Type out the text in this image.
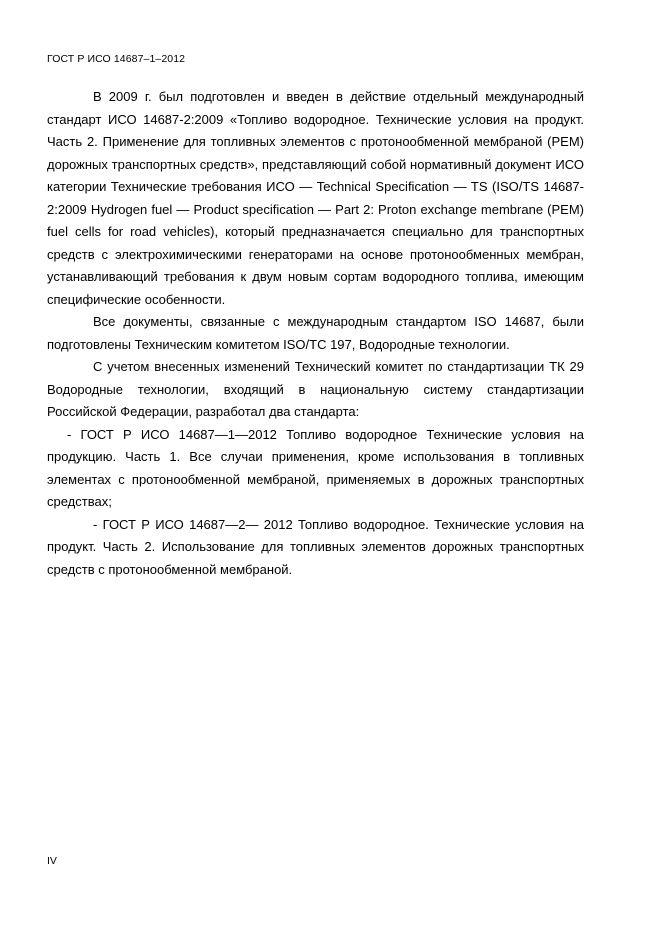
ГОСТ Р ИСО 14687–1–2012

В 2009 г. был подготовлен и введен в действие отдельный международный стандарт ИСО 14687-2:2009 «Топливо водородное. Технические условия на продукт. Часть 2. Применение для топливных элементов с протонообменной мембраной (PEM) дорожных транспортных средств», представляющий собой нормативный документ ИСО категории Технические требования ИСО — Technical Specification — TS (ISO/TS 14687-2:2009 Hydrogen fuel — Product specification — Part 2: Proton exchange membrane (PEM) fuel cells for road vehicles), который предназначается специально для транспортных средств с электрохимическими генераторами на основе протонообменных мембран, устанавливающий требования к двум новым сортам водородного топлива, имеющим специфические особенности.

Все документы, связанные с международным стандартом ISO 14687, были подготовлены Техническим комитетом ISO/TC 197, Водородные технологии.

С учетом внесенных изменений Технический комитет по стандартизации ТК 29 Водородные технологии, входящий в национальную систему стандартизации Российской Федерации, разработал два стандарта:

- ГОСТ Р ИСО 14687—1—2012 Топливо водородное Технические условия на продукцию. Часть 1. Все случаи применения, кроме использования в топливных элементах с протонообменной мембраной, применяемых в дорожных транспортных средствах;

- ГОСТ Р ИСО 14687—2— 2012 Топливо водородное. Технические условия на продукт. Часть 2. Использование для топливных элементов дорожных транспортных средств с протонообменной мембраной.

IV
